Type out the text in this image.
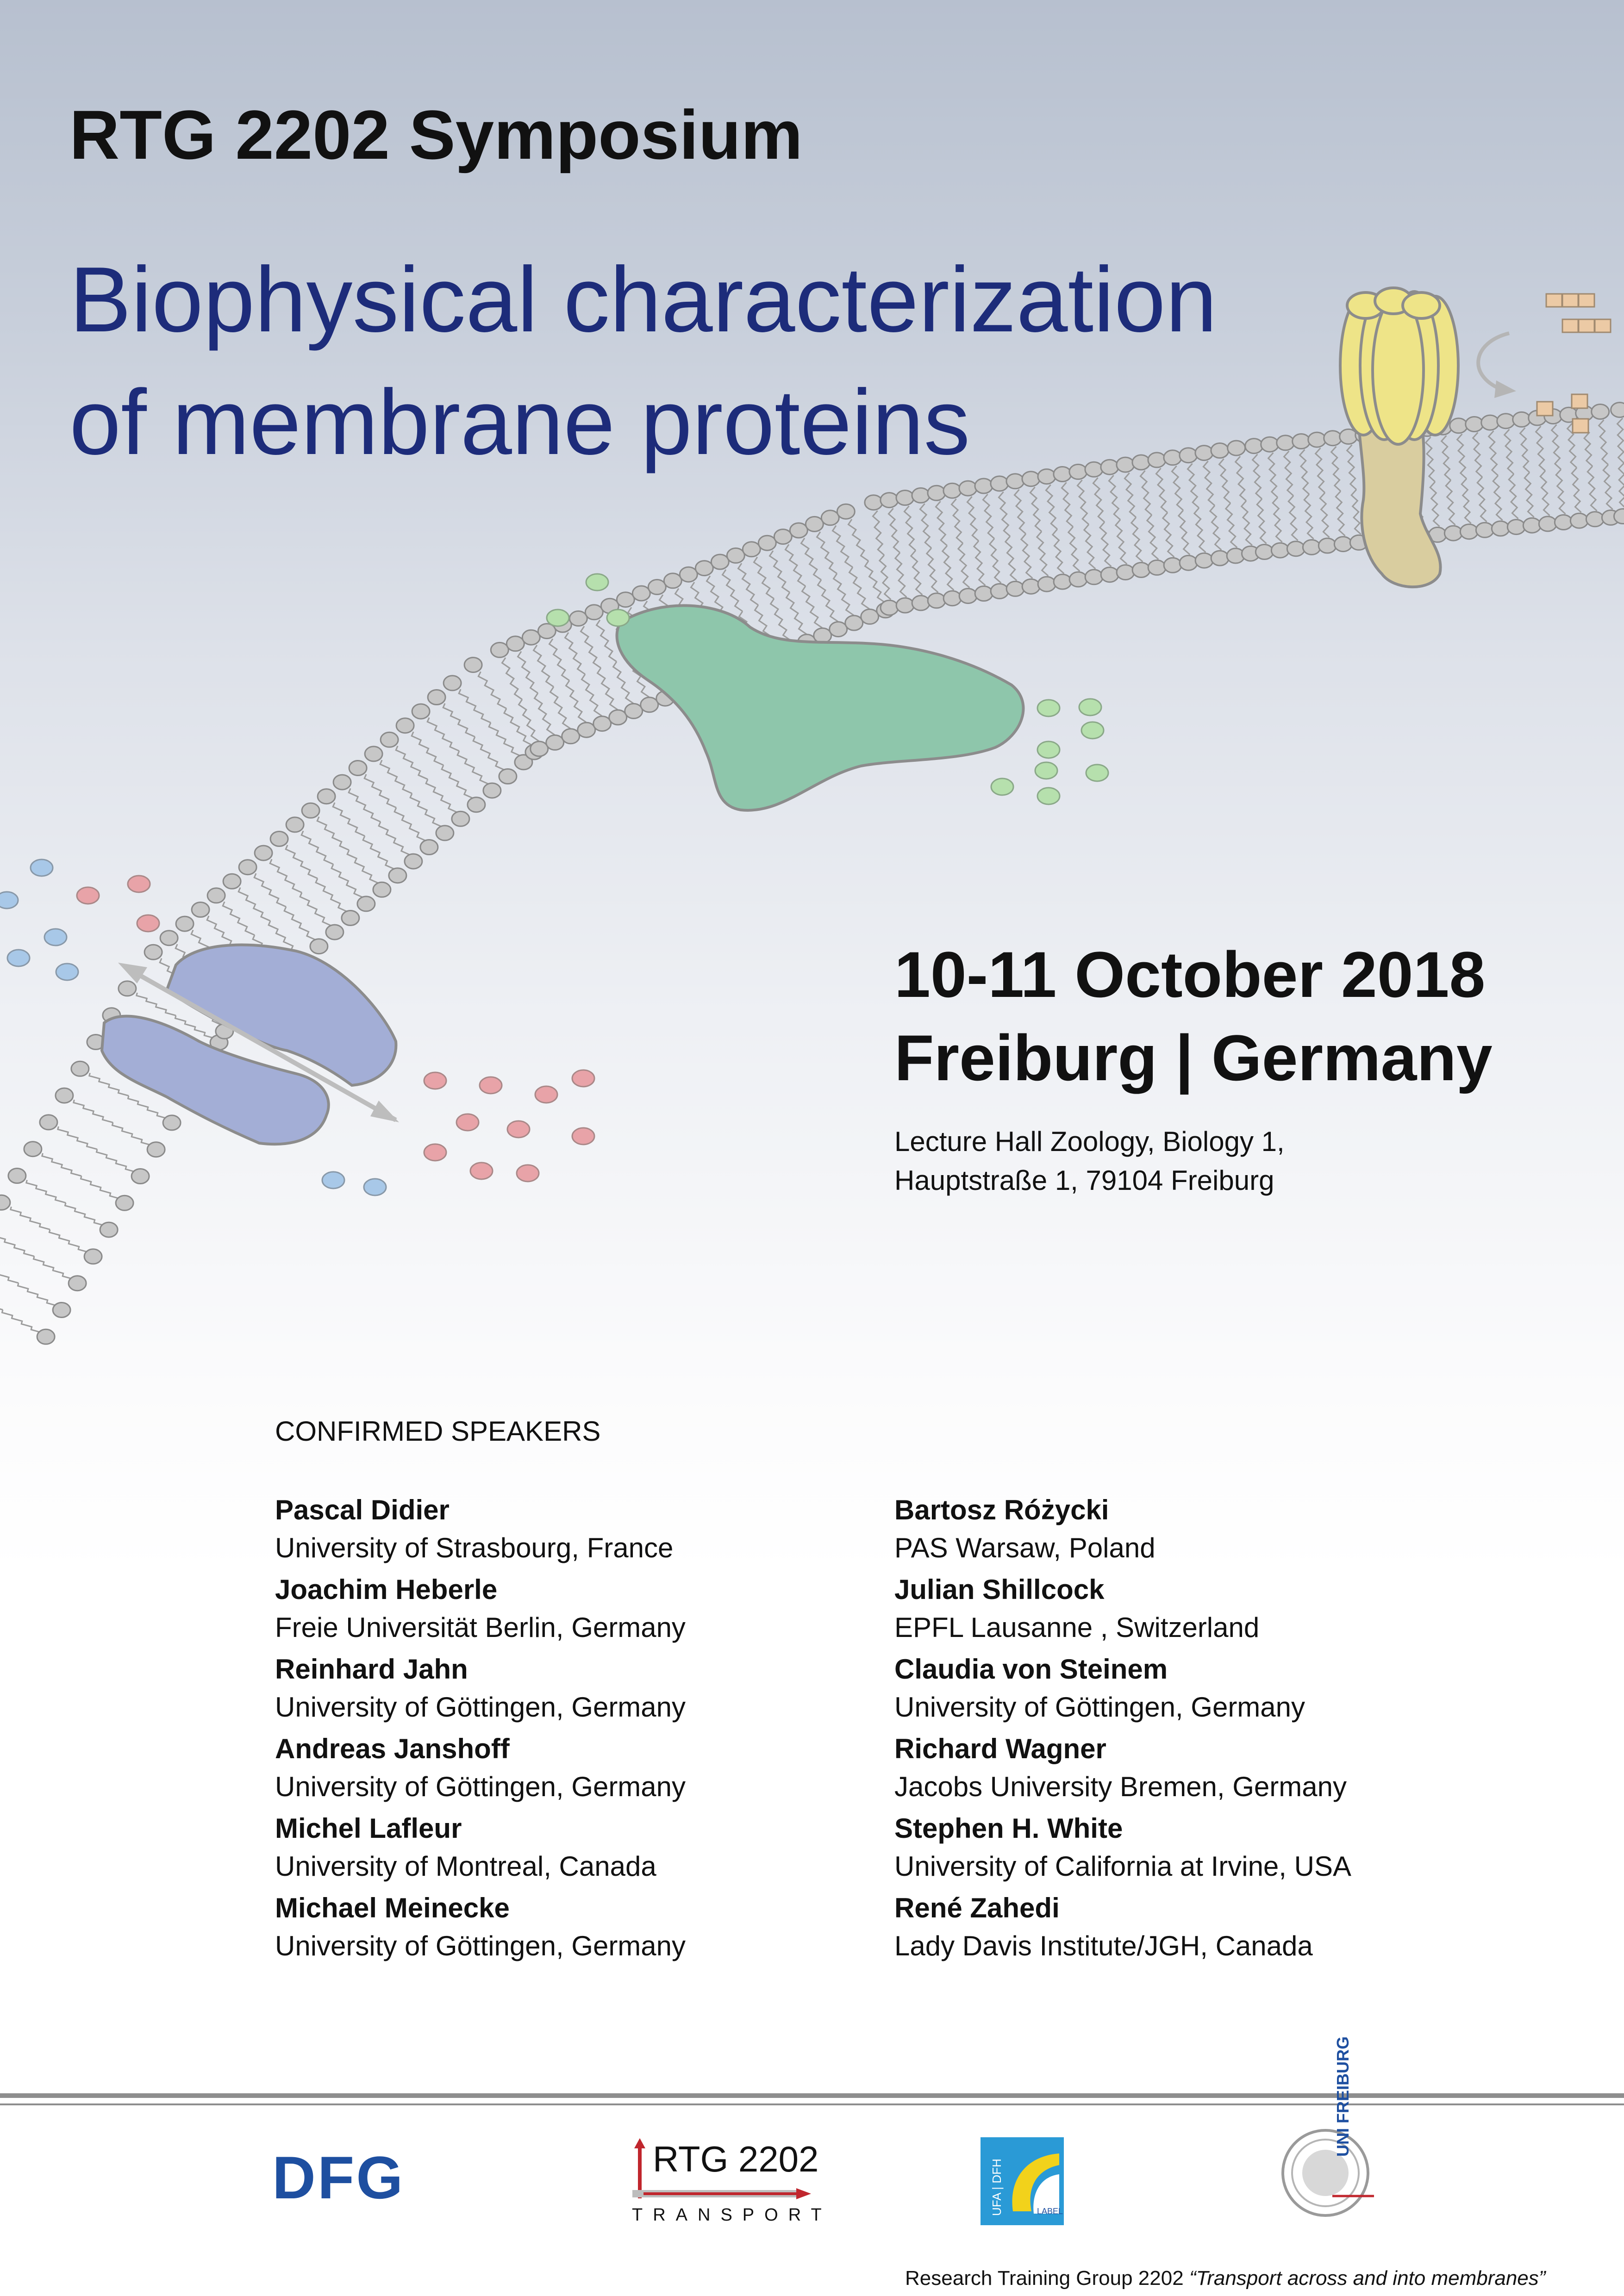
RTG 2202 Symposium
Biophysical characterization
of membrane proteins
10-11 October 2018
Freiburg | Germany
Lecture Hall Zoology, Biology 1,
Hauptstraße 1, 79104 Freiburg
CONFIRMED SPEAKERS
Pascal Didier
University of Strasbourg, France
Joachim Heberle
Freie Universität Berlin, Germany
Reinhard Jahn
University of Göttingen, Germany
Andreas Janshoff
University of Göttingen, Germany
Michel Lafleur
University of Montreal, Canada
Michael Meinecke
University of Göttingen, Germany
Bartosz Różycki
PAS Warsaw, Poland
Julian Shillcock
EPFL Lausanne , Switzerland
Claudia von Steinem
University of Göttingen, Germany
Richard Wagner
Jacobs University Bremen, Germany
Stephen H. White
University of California at Irvine, USA
René Zahedi
Lady Davis Institute/JGH, Canada
DFG	RTG 2202
TRANSPORT	UFA | DFH	LABEL
UNI FREIBURG
Research Training Group 2202 “Transport across and into membranes”
